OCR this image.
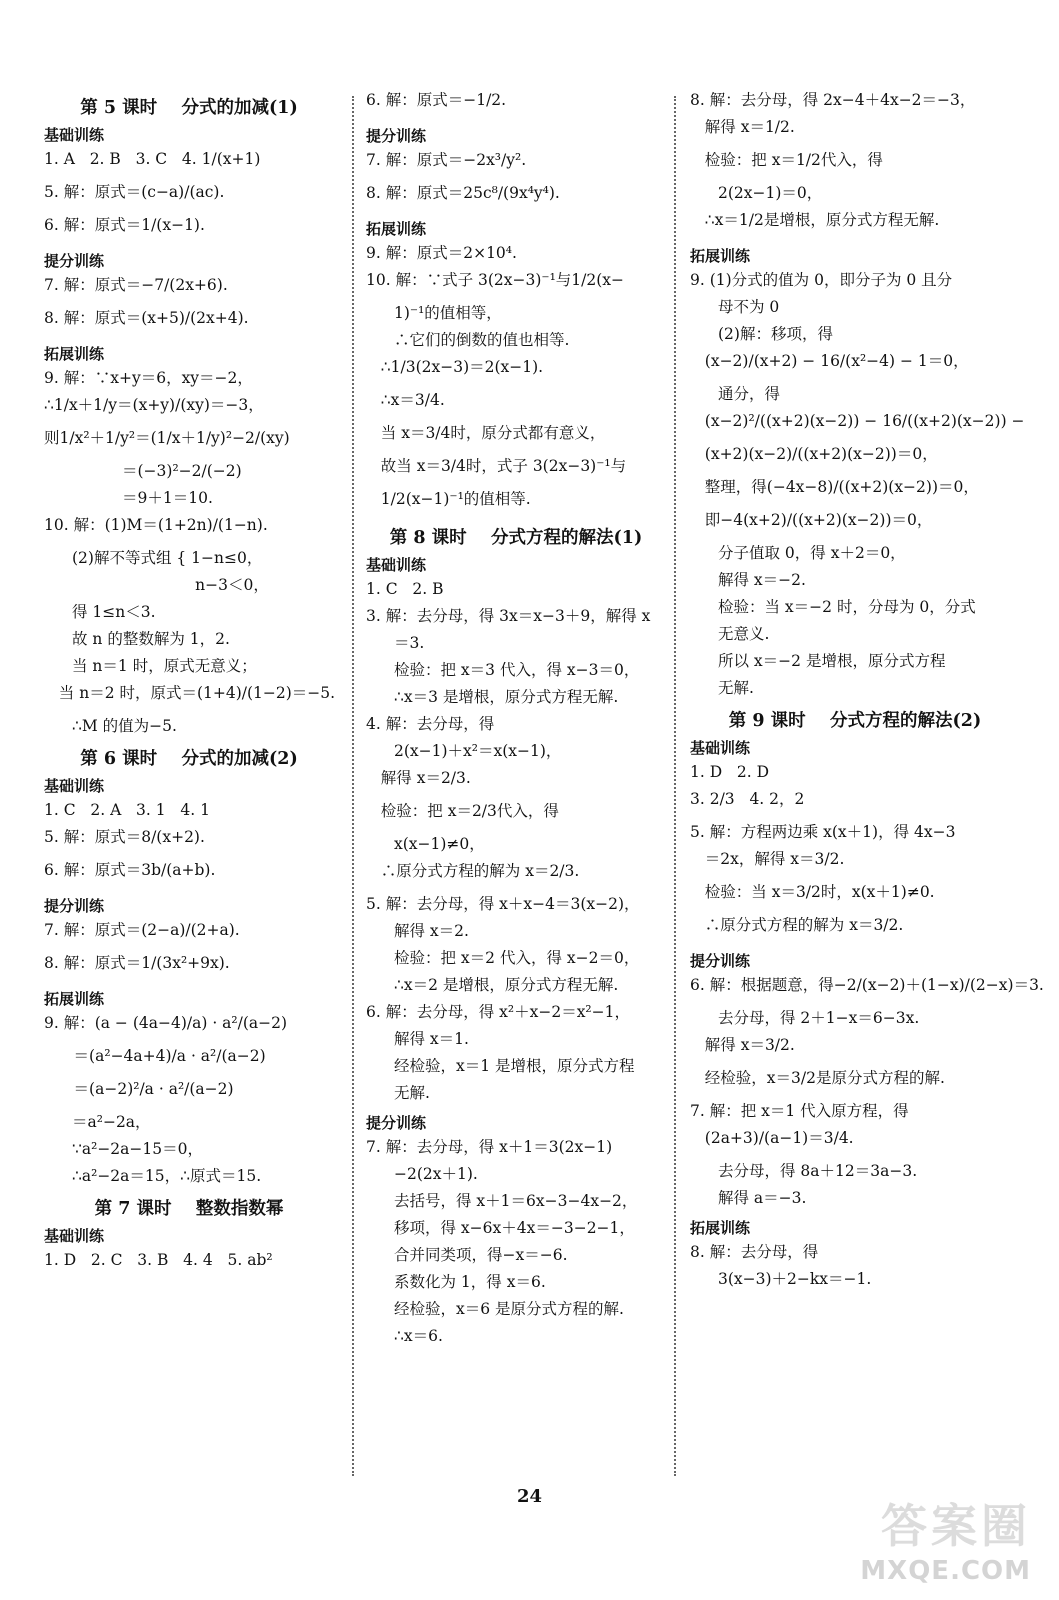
第 5 课时    分式的加减(1)
基础训练
1. A   2. B   3. C   4. 1/(x+1)
5. 解：原式＝(c−a)/(ac).
6. 解：原式＝1/(x−1).
提分训练
7. 解：原式＝−7/(2x+6).
8. 解：原式＝(x+5)/(2x+4).
拓展训练
9. 解：∵x+y＝6，xy＝−2，
∴1/x＋1/y＝(x+y)/(xy)＝−3，
则1/x²＋1/y²＝(1/x＋1/y)²−2/(xy)
＝(−3)²−2/(−2)
＝9＋1＝10.
10. 解：(1)M＝(1+2n)/(1−n).
(2)解不等式组 { 1−n≤0，
n−3＜0，
得 1≤n＜3.
故 n 的整数解为 1，2.
当 n＝1 时，原式无意义；
当 n＝2 时，原式＝(1+4)/(1−2)＝−5.
∴M 的值为−5.
第 6 课时    分式的加减(2)
基础训练
1. C   2. A   3. 1   4. 1
5. 解：原式＝8/(x+2).
6. 解：原式＝3b/(a+b).
提分训练
7. 解：原式＝(2−a)/(2+a).
8. 解：原式＝1/(3x²+9x).
拓展训练
9. 解：(a − (4a−4)/a) · a²/(a−2)
＝(a²−4a+4)/a · a²/(a−2)
＝(a−2)²/a · a²/(a−2)
＝a²−2a，
∵a²−2a−15＝0，
∴a²−2a＝15，∴原式＝15.
第 7 课时    整数指数幂
基础训练
1. D   2. C   3. B   4. 4   5. ab²
6. 解：原式＝−1/2.
提分训练
7. 解：原式＝−2x³/y².
8. 解：原式＝25c⁸/(9x⁴y⁴).
拓展训练
9. 解：原式＝2×10⁴.
10. 解：∵式子 3(2x−3)⁻¹与1/2(x−
1)⁻¹的值相等，
∴它们的倒数的值也相等.
∴1/3(2x−3)＝2(x−1).
∴x＝3/4.
当 x＝3/4时，原分式都有意义，
故当 x＝3/4时，式子 3(2x−3)⁻¹与
1/2(x−1)⁻¹的值相等.
第 8 课时    分式方程的解法(1)
基础训练
1. C   2. B
3. 解：去分母，得 3x＝x−3＋9，解得 x
＝3.
检验：把 x＝3 代入，得 x−3＝0，
∴x＝3 是增根，原分式方程无解.
4. 解：去分母，得
2(x−1)＋x²＝x(x−1)，
解得 x＝2/3.
检验：把 x＝2/3代入，得
x(x−1)≠0，
∴原分式方程的解为 x＝2/3.
5. 解：去分母，得 x＋x−4＝3(x−2)，
解得 x＝2.
检验：把 x＝2 代入，得 x−2＝0，
∴x＝2 是增根，原分式方程无解.
6. 解：去分母，得 x²＋x−2＝x²−1，
解得 x＝1.
经检验，x＝1 是增根，原分式方程
无解.
提分训练
7. 解：去分母，得 x＋1＝3(2x−1)
−2(2x＋1).
去括号，得 x＋1＝6x−3−4x−2，
移项，得 x−6x＋4x＝−3−2−1，
合并同类项，得−x＝−6.
系数化为 1，得 x＝6.
经检验，x＝6 是原分式方程的解.
∴x＝6.
8. 解：去分母，得 2x−4＋4x−2＝−3，
解得 x＝1/2.
检验：把 x＝1/2代入，得
2(2x−1)＝0，
∴x＝1/2是增根，原分式方程无解.
拓展训练
9. (1)分式的值为 0，即分子为 0 且分
母不为 0
(2)解：移项，得
(x−2)/(x+2) − 16/(x²−4) − 1＝0，
通分，得
(x−2)²/((x+2)(x−2)) − 16/((x+2)(x−2)) −
(x+2)(x−2)/((x+2)(x−2))＝0，
整理，得(−4x−8)/((x+2)(x−2))＝0，
即−4(x+2)/((x+2)(x−2))＝0，
分子值取 0，得 x＋2＝0，
解得 x＝−2.
检验：当 x＝−2 时，分母为 0，分式
无意义.
所以 x＝−2 是增根，原分式方程
无解.
第 9 课时    分式方程的解法(2)
基础训练
1. D   2. D
3. 2/3   4. 2，2
5. 解：方程两边乘 x(x＋1)，得 4x−3
＝2x，解得 x＝3/2.
检验：当 x＝3/2时，x(x＋1)≠0.
∴原分式方程的解为 x＝3/2.
提分训练
6. 解：根据题意，得−2/(x−2)＋(1−x)/(2−x)＝3.
去分母，得 2＋1−x＝6−3x.
解得 x＝3/2.
经检验，x＝3/2是原分式方程的解.
7. 解：把 x＝1 代入原方程，得
(2a+3)/(a−1)＝3/4.
去分母，得 8a＋12＝3a−3.
解得 a＝−3.
拓展训练
8. 解：去分母，得
3(x−3)＋2−kx＝−1.
24
答案圈
MXQE.COM
